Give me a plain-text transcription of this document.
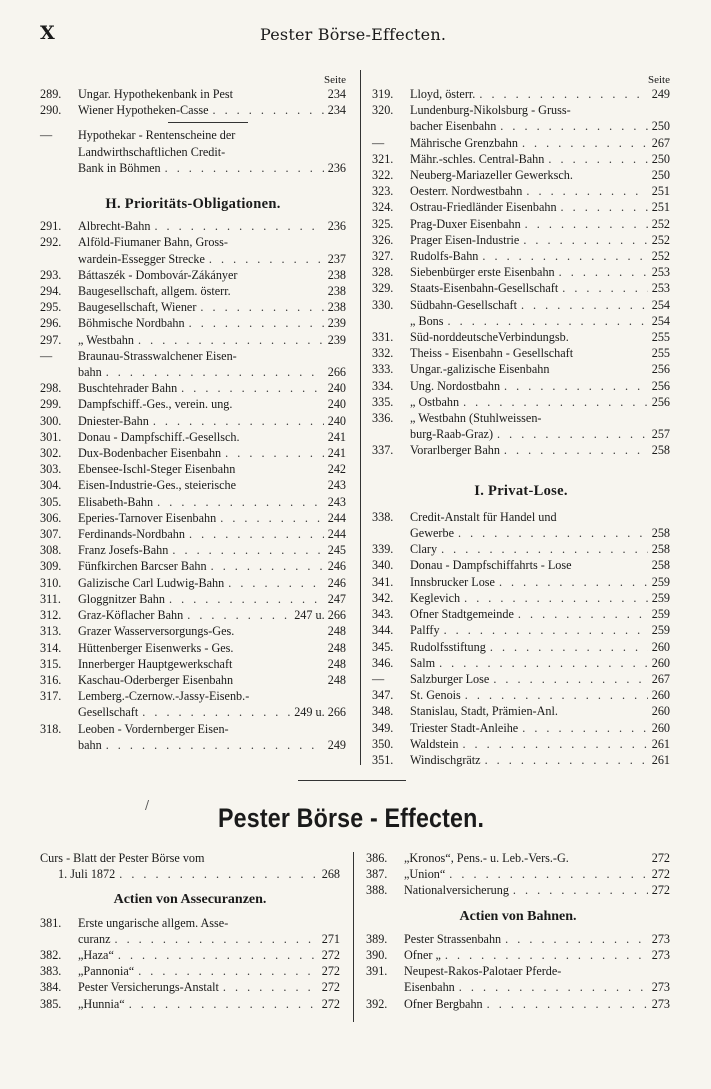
X	Pester Börse-Effecten.
Seite
289.	Ungar. Hypothekenbank in Pest	234
290.	Wiener Hypotheken-Casse . . .	234
—	Hypothekar - Rentenscheine der
Landwirthschaftlichen Credit-
Bank in Böhmen . . .	236
H. Prioritäts-Obligationen.
291.	Albrecht-Bahn . . .	236
292.	Alföld-Fiumaner Bahn, Gross-
wardein-Essegger Strecke . . .	237
293.	Báttaszék - Dombovár-Zákányer	238
294.	Baugesellschaft, allgem. österr.	238
295.	Baugesellschaft, Wiener . . .	238
296.	Böhmische Nordbahn . . .	239
297.	„ Westbahn . . .	239
—	Braunau-Strasswalchener Eisen-
bahn . . .	266
298.	Buschtehrader Bahn . . .	240
299.	Dampfschiff.-Ges., verein. ung.	240
300.	Dniester-Bahn . . .	240
301.	Donau - Dampfschiff.-Gesellsch.	241
302.	Dux-Bodenbacher Eisenbahn . . .	241
303.	Ebensee-Ischl-Steger Eisenbahn	242
304.	Eisen-Industrie-Ges., steierische	243
305.	Elisabeth-Bahn . . .	243
306.	Eperies-Tarnover Eisenbahn . . .	244
307.	Ferdinands-Nordbahn . . .	244
308.	Franz Josefs-Bahn . . .	245
309.	Fünfkirchen Barcser Bahn . . .	246
310.	Galizische Carl Ludwig-Bahn . . .	246
311.	Gloggnitzer Bahn . . .	247
312.	Graz-Köflacher Bahn . . .	247 u. 266
313.	Grazer Wasserversorgungs-Ges.	248
314.	Hüttenberger Eisenwerks - Ges.	248
315.	Innerberger Hauptgewerkschaft	248
316.	Kaschau-Oderberger Eisenbahn	248
317.	Lemberg.-Czernow.-Jassy-Eisenb.-
Gesellschaft . . .	249 u. 266
318.	Leoben - Vordernberger Eisen-
bahn . . .	249
Seite
319.	Lloyd, österr. . . .	249
320.	Lundenburg-Nikolsburg - Gruss-
bacher Eisenbahn . . .	250
—	Mährische Grenzbahn . . .	267
321.	Mähr.-schles. Central-Bahn . . .	250
322.	Neuberg-Mariazeller Gewerksch.	250
323.	Oesterr. Nordwestbahn . . .	251
324.	Ostrau-Friedländer Eisenbahn . . .	251
325.	Prag-Duxer Eisenbahn . . .	252
326.	Prager Eisen-Industrie . . .	252
327.	Rudolfs-Bahn . . .	252
328.	Siebenbürger erste Eisenbahn . . .	253
329.	Staats-Eisenbahn-Gesellschaft . . .	253
330.	Südbahn-Gesellschaft . . .	254
„ Bons . . .	254
331.	Süd-norddeutscheVerbindungsb.	255
332.	Theiss - Eisenbahn - Gesellschaft	255
333.	Ungar.-galizische Eisenbahn	256
334.	Ung. Nordostbahn . . .	256
335.	„ Ostbahn . . .	256
336.	„ Westbahn (Stuhlweissen-
burg-Raab-Graz) . . .	257
337.	Vorarlberger Bahn . . .	258
I. Privat-Lose.
338.	Credit-Anstalt für Handel und
Gewerbe . . .	258
339.	Clary . . .	258
340.	Donau - Dampfschiffahrts - Lose	258
341.	Innsbrucker Lose . . .	259
342.	Keglevich . . .	259
343.	Ofner Stadtgemeinde . . .	259
344.	Palffy . . .	259
345.	Rudolfsstiftung . . .	260
346.	Salm . . .	260
—	Salzburger Lose . . .	267
347.	St. Genois . . .	260
348.	Stanislau, Stadt, Prämien-Anl.	260
349.	Triester Stadt-Anleihe . . .	260
350.	Waldstein . . .	261
351.	Windischgrätz . . .	261
/	Pester Börse - Effecten.
Curs - Blatt der Pester Börse vom
1. Juli 1872 . . .	268
Actien von Assecuranzen.
381.	Erste ungarische allgem. Asse-
curanz . . .	271
382.	„Haza“ . . .	272
383.	„Pannonia“ . . .	272
384.	Pester Versicherungs-Anstalt . . .	272
385.	„Hunnia“ . . .	272
386.	„Kronos“, Pens.- u. Leb.-Vers.-G.	272
387.	„Union“ . . .	272
388.	Nationalversicherung . . .	272
Actien von Bahnen.
389.	Pester Strassenbahn . . .	273
390.	Ofner „ . . .	273
391.	Neupest-Rakos-Palotaer Pferde-
Eisenbahn . . .	273
392.	Ofner Bergbahn . . .	273
